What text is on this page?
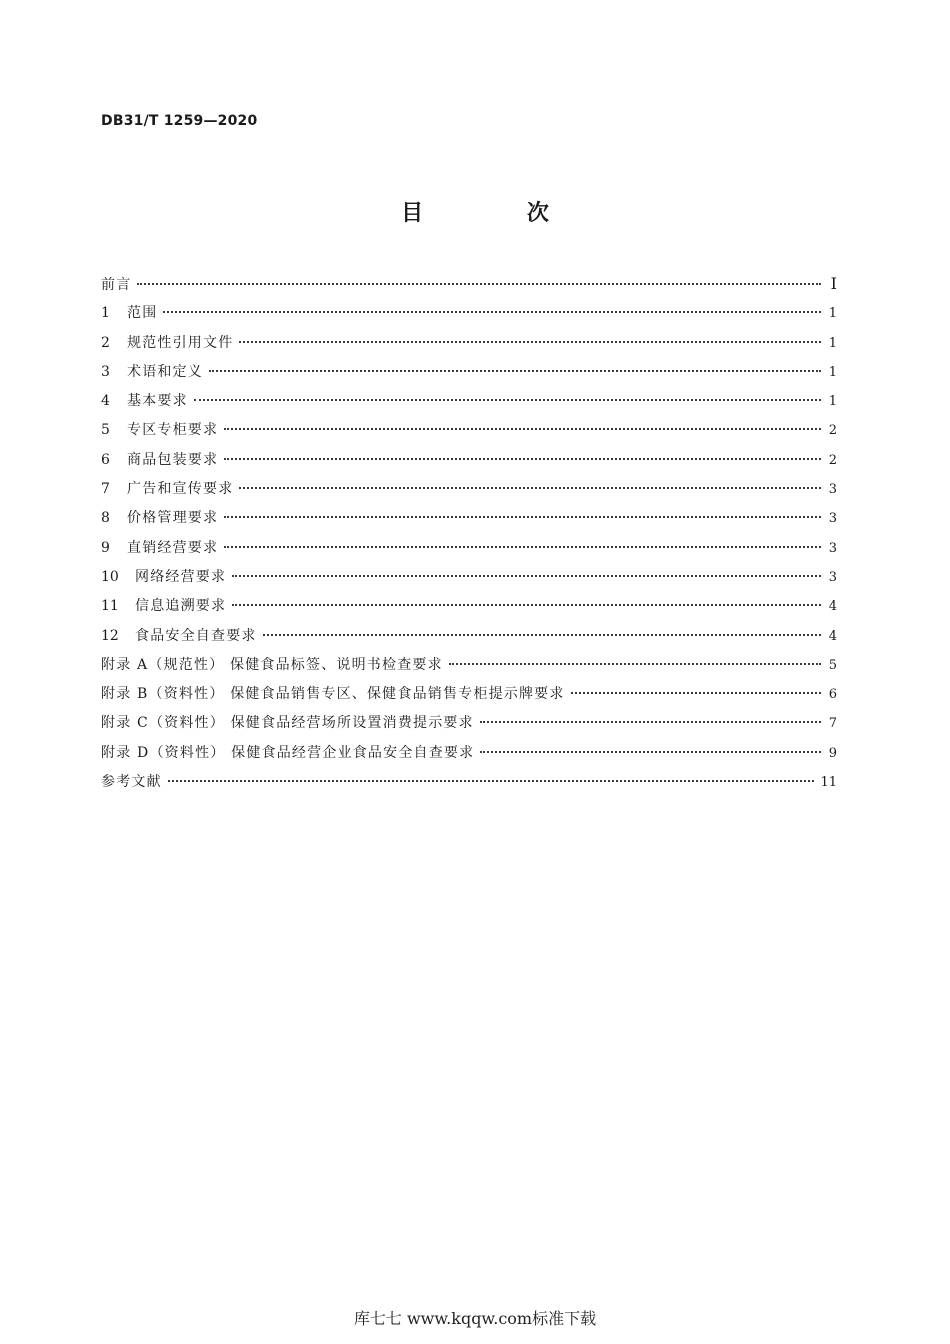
DB31/T 1259—2020
目 次
前言	I
1	范围	1
2	规范性引用文件	1
3	术语和定义	1
4	基本要求	1
5	专区专柜要求	2
6	商品包装要求	2
7	广告和宣传要求	3
8	价格管理要求	3
9	直销经营要求	3
10	网络经营要求	3
11	信息追溯要求	4
12	食品安全自查要求	4
附录 A（规范性） 保健食品标签、说明书检查要求	5
附录 B（资料性） 保健食品销售专区、保健食品销售专柜提示牌要求	6
附录 C（资料性） 保健食品经营场所设置消费提示要求	7
附录 D（资料性） 保健食品经营企业食品安全自查要求	9
参考文献	11
库七七 www.kqqw.com标准下载
